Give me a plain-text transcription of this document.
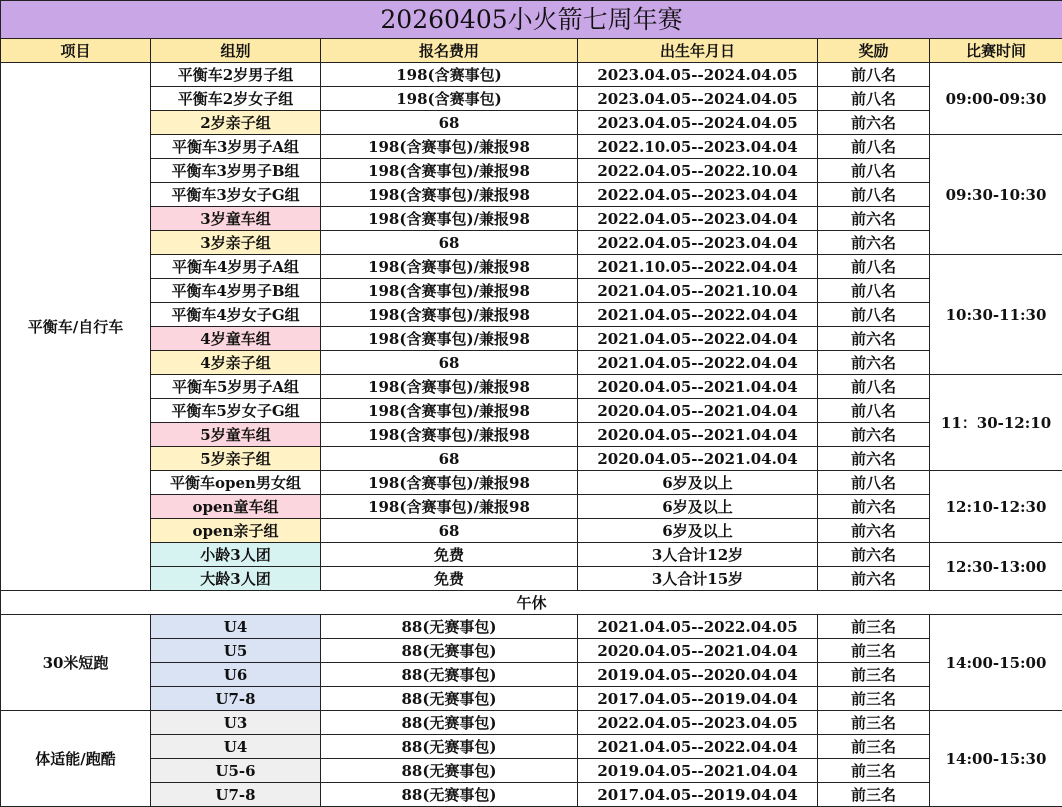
20260405小火箭七周年赛					
项目	组别	报名费用	出生年月日	奖励	比赛时间
平衡车/自行车	平衡车2岁男子组	198(含赛事包)	2023.04.05--2024.04.05	前八名	09:00-09:30
	平衡车2岁女子组	198(含赛事包)	2023.04.05--2024.04.05	前八名	
	2岁亲子组	68	2023.04.05--2024.04.05	前六名	
	平衡车3岁男子A组	198(含赛事包)/兼报98	2022.10.05--2023.04.04	前八名	09:30-10:30
	平衡车3岁男子B组	198(含赛事包)/兼报98	2022.04.05--2022.10.04	前八名	
	平衡车3岁女子G组	198(含赛事包)/兼报98	2022.04.05--2023.04.04	前八名	
	3岁童车组	198(含赛事包)/兼报98	2022.04.05--2023.04.04	前六名	
	3岁亲子组	68	2022.04.05--2023.04.04	前六名	
	平衡车4岁男子A组	198(含赛事包)/兼报98	2021.10.05--2022.04.04	前八名	10:30-11:30
	平衡车4岁男子B组	198(含赛事包)/兼报98	2021.04.05--2021.10.04	前八名	
	平衡车4岁女子G组	198(含赛事包)/兼报98	2021.04.05--2022.04.04	前八名	
	4岁童车组	198(含赛事包)/兼报98	2021.04.05--2022.04.04	前六名	
	4岁亲子组	68	2021.04.05--2022.04.04	前六名	
	平衡车5岁男子A组	198(含赛事包)/兼报98	2020.04.05--2021.04.04	前八名	11：30-12:10
	平衡车5岁女子G组	198(含赛事包)/兼报98	2020.04.05--2021.04.04	前八名	
	5岁童车组	198(含赛事包)/兼报98	2020.04.05--2021.04.04	前六名	
	5岁亲子组	68	2020.04.05--2021.04.04	前六名	
	平衡车open男女组	198(含赛事包)/兼报98	6岁及以上	前八名	12:10-12:30
	open童车组	198(含赛事包)/兼报98	6岁及以上	前六名	
	open亲子组	68	6岁及以上	前六名	
	小龄3人团	免费	3人合计12岁	前六名	12:30-13:00
	大龄3人团	免费	3人合计15岁	前六名	
午休					
30米短跑	U4	88(无赛事包)	2021.04.05--2022.04.05	前三名	14:00-15:00
	U5	88(无赛事包)	2020.04.05--2021.04.04	前三名	
	U6	88(无赛事包)	2019.04.05--2020.04.04	前三名	
	U7-8	88(无赛事包)	2017.04.05--2019.04.04	前三名	
体适能/跑酷	U3	88(无赛事包)	2022.04.05--2023.04.05	前三名	14:00-15:30
	U4	88(无赛事包)	2021.04.05--2022.04.04	前三名	
	U5-6	88(无赛事包)	2019.04.05--2021.04.04	前三名	
	U7-8	88(无赛事包)	2017.04.05--2019.04.04	前三名	
